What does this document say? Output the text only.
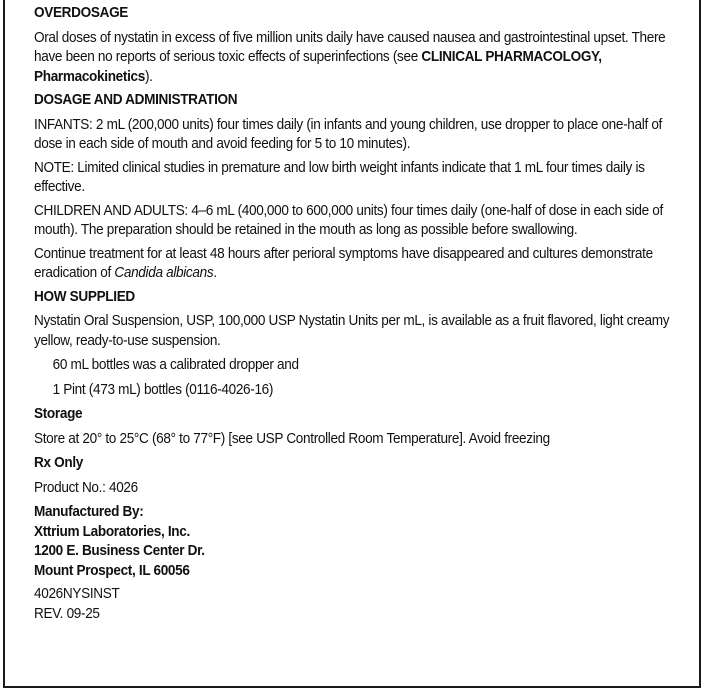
OVERDOSAGE

Oral doses of nystatin in excess of five million units daily have caused nausea and gastrointestinal upset. There have been no reports of serious toxic effects of superinfections (see CLINICAL PHARMACOLOGY, Pharmacokinetics).

DOSAGE AND ADMINISTRATION

INFANTS: 2 mL (200,000 units) four times daily (in infants and young children, use dropper to place one-half of dose in each side of mouth and avoid feeding for 5 to 10 minutes).

NOTE: Limited clinical studies in premature and low birth weight infants indicate that 1 mL four times daily is effective.

CHILDREN AND ADULTS: 4–6 mL (400,000 to 600,000 units) four times daily (one-half of dose in each side of mouth). The preparation should be retained in the mouth as long as possible before swallowing.

Continue treatment for at least 48 hours after perioral symptoms have disappeared and cultures demonstrate eradication of Candida albicans.

HOW SUPPLIED

Nystatin Oral Suspension, USP, 100,000 USP Nystatin Units per mL, is available as a fruit flavored, light creamy yellow, ready-to-use suspension.

60 mL bottles was a calibrated dropper and

1 Pint (473 mL) bottles (0116-4026-16)

Storage

Store at 20° to 25°C (68° to 77°F) [see USP Controlled Room Temperature]. Avoid freezing

Rx Only

Product No.: 4026

Manufactured By:

Xttrium Laboratories, Inc.

1200 E. Business Center Dr.

Mount Prospect, IL 60056

4026NYSINST

REV. 09-25
